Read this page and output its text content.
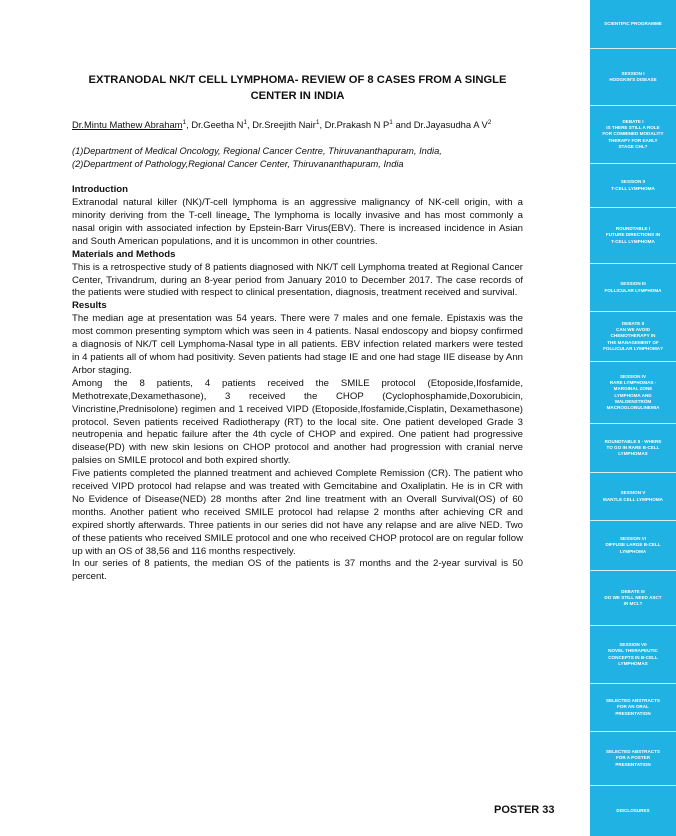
EXTRANODAL NK/T CELL LYMPHOMA- REVIEW OF 8 CASES FROM A SINGLE CENTER IN INDIA

Dr.Mintu Mathew Abraham$^1$, Dr.Geetha $N^1$, Dr.Sreejith Nair$^1$, Dr.Prakash N $P^1$ and Dr.Jayasudha A $V^2$

(1)Department of Medical Oncology, Regional Cancer Centre, Thiruvananthapuram, India,
(2)Department of Pathology,Regional Cancer Center, Thiruvananthapuram, India
Introduction

Extranodal natural killer (NK)/T-cell lymphoma is an aggressive malignancy of NK-cell origin, with a minority deriving from the T-cell lineage. The lymphoma is locally invasive and has most commonly a nasal origin with associated infection by Epstein-Barr Virus(EBV). There is increased incidence in Asian and South American populations, and it is uncommon in other countries.

Materials and Methods

This is a retrospective study of 8 patients diagnosed with NK/T cell Lymphoma treated at Regional Cancer Center, Trivandrum, during an 8-year period from January 2010 to December 2017. The case records of the patients were studied with respect to clinical presentation, diagnosis, treatment received and survival.

Results

The median age at presentation was 54 years. There were 7 males and one female. Epistaxis was the most common presenting symptom which was seen in 4 patients. Nasal endoscopy and biopsy confirmed a diagnosis of NK/T cell Lymphoma-Nasal type in all patients. EBV infection related markers were tested in 4 patients all of whom had positivity. Seven patients had stage IE and one had stage IIE disease by Ann Arbor staging.

Among the 8 patients, 4 patients received the SMILE protocol (Etoposide,Ifosfamide, Methotrexate,Dexamethasone), 3 received the CHOP (Cyclophosphamide,Doxorubicin, Vincristine,Prednisolone) regimen and 1 received VIPD (Etoposide,Ifosfamide,Cisplatin, Dexamethasone) protocol. Seven patients received Radiotherapy (RT) to the local site. One patient developed Grade 3 neutropenia and hepatic failure after the 4th cycle of CHOP and expired. One patient had progressive disease(PD) with new skin lesions on CHOP protocol and another had progression with cranial nerve palsies on SMILE protocol and both expired shortly.

Five patients completed the planned treatment and achieved Complete Remission (CR). The patient who received VIPD protocol had relapse and was treated with Gemcitabine and Oxaliplatin. He is in CR with No Evidence of Disease(NED) 28 months after 2nd line treatment with an Overall Survival(OS) of 60 months. Another patient who received SMILE protocol had relapse 2 months after achieving CR and expired shortly afterwards. Three patients in our series did not have any relapse and are alive NED. Two of these patients who received SMILE protocol and one who received CHOP protocol are on regular follow up with an OS of 38,56 and 116 months respectively.

In our series of 8 patients, the median OS of the patients is 37 months and the 2-year survival is 50 percent.

POSTER 33
SCIENTIFIC PROGRAMME
SESSION I
HODGKIN'S DISEASE
DEBATE I
IS THERE STILL A ROLE
FOR COMBINED MODALITY
THERAPY FOR EARLY
STAGE CHL?
SESSION II
T-CELL LYMPHOMA
ROUNDTABLE I
FUTURE DIRECTIONS IN
T-CELL LYMPHOMA
SESSION III
FOLLICULAR LYMPHOMA
DEBATE II
CAN WE AVOID
CHEMOTHERAPY IN
THE MANAGEMENT OF
FOLLICULAR LYMPHOMA?
SESSION IV
RARE LYMPHOMAS -
MARGINAL ZONE
LYMPHOMA AND
WALDENSTRÖM
MACROGLOBULINEMIA
ROUNDTABLE II - WHERE
TO GO IN RARE B-CELL
LYMPHOMAS
SESSION V
MANTLE CELL LYMPHOMA
SESSION VI
DIFFUSE LARGE B-CELL
LYMPHOMA
DEBATE III
DO WE STILL NEED ASCT
IN MCL?
SESSION VII
NOVEL THERAPEUTIC
CONCEPTS IN B-CELL
LYMPHOMAS
SELECTED ABSTRACTS
FOR AN ORAL
PRESENTATION
SELECTED ABSTRACTS
FOR A POSTER
PRESENTATION
DISCLOSURES
